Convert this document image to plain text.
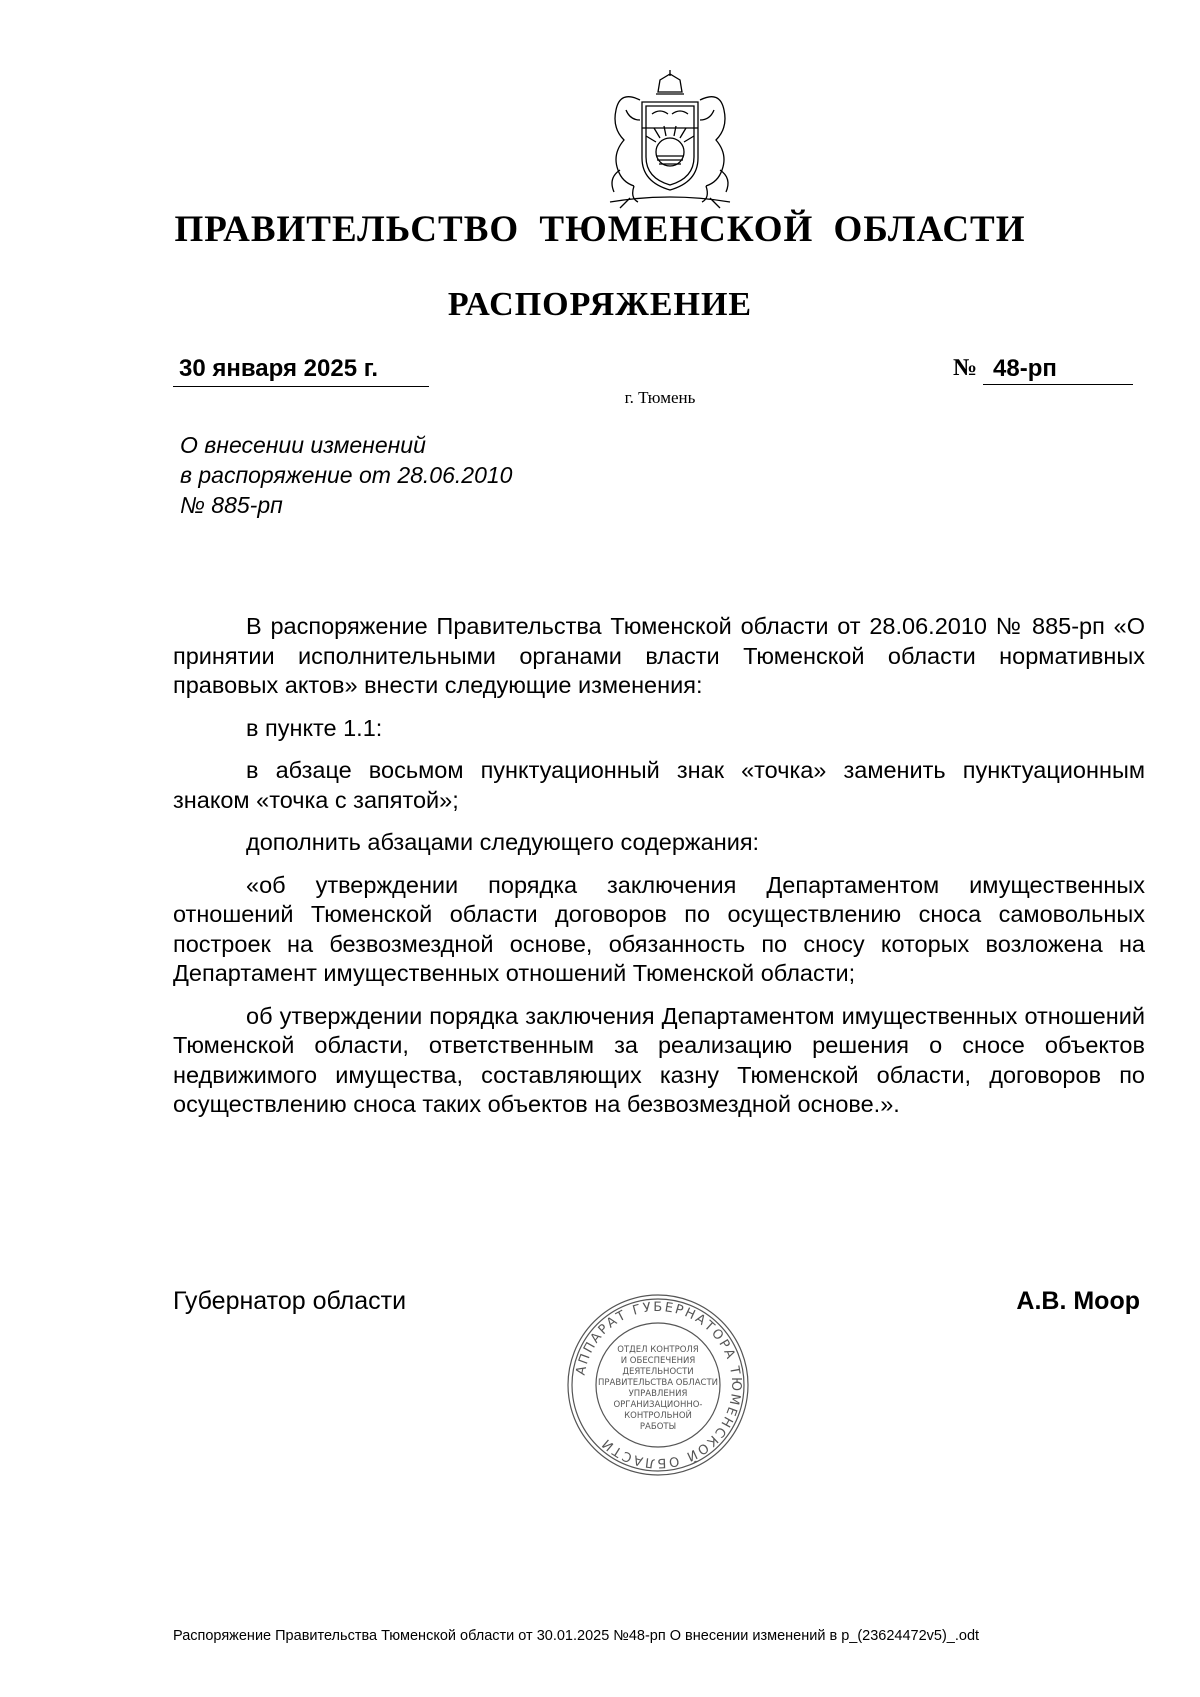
ПРАВИТЕЛЬСТВО ТЮМЕНСКОЙ ОБЛАСТИ
РАСПОРЯЖЕНИЕ
30 января 2025 г.	№ 48-рп
г. Тюмень
О внесении изменений
в распоряжение от 28.06.2010
№ 885-рп

В распоряжение Правительства Тюменской области от 28.06.2010 № 885-рп «О принятии исполнительными органами власти Тюменской области нормативных правовых актов» внести следующие изменения:

в пункте 1.1:

в абзаце восьмом пунктуационный знак «точка» заменить пунктуационным знаком «точка с запятой»;

дополнить абзацами следующего содержания:

«об утверждении порядка заключения Департаментом имущественных отношений Тюменской области договоров по осуществлению сноса самовольных построек на безвозмездной основе, обязанность по сносу которых возложена на Департамент имущественных отношений Тюменской области;

об утверждении порядка заключения Департаментом имущественных отношений Тюменской области, ответственным за реализацию решения о сносе объектов недвижимого имущества, составляющих казну Тюменской области, договоров по осуществлению сноса таких объектов на безвозмездной основе.».

Губернатор области	А.В. Моор
АППАРАТ ГУБЕРНАТОРА ТЮМЕНСКОЙ ОБЛАСТИ
ОТДЕЛ КОНТРОЛЯ
И ОБЕСПЕЧЕНИЯ
ДЕЯТЕЛЬНОСТИ
ПРАВИТЕЛЬСТВА ОБЛАСТИ
УПРАВЛЕНИЯ
ОРГАНИЗАЦИОННО-
КОНТРОЛЬНОЙ
РАБОТЫ
Распоряжение Правительства Тюменской области от 30.01.2025 №48-рп О внесении изменений в р_(23624472v5)_.odt
